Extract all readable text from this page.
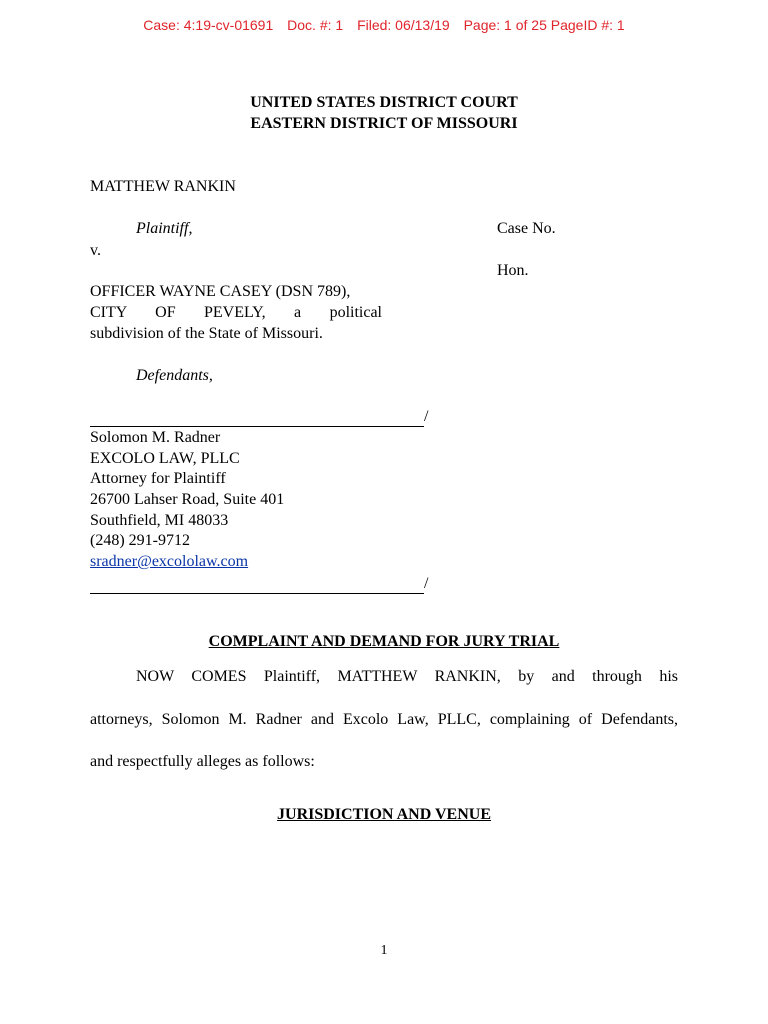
Case: 4:19-cv-01691 Doc. #: 1 Filed: 06/13/19 Page: 1 of 25 PageID #: 1
UNITED STATES DISTRICT COURT
EASTERN DISTRICT OF MISSOURI
MATTHEW RANKIN
Plaintiff,	Case No.
v.
Hon.
OFFICER WAYNE CASEY (DSN 789),
CITY OF PEVELY, a political
subdivision of the State of Missouri.
Defendants,
/
Solomon M. Radner
EXCOLO LAW, PLLC
Attorney for Plaintiff
26700 Lahser Road, Suite 401
Southfield, MI 48033
(248) 291-9712
sradner@excololaw.com
/
COMPLAINT AND DEMAND FOR JURY TRIAL
NOW COMES Plaintiff, MATTHEW RANKIN, by and through his
attorneys, Solomon M. Radner and Excolo Law, PLLC, complaining of Defendants,
and respectfully alleges as follows:
JURISDICTION AND VENUE
1
